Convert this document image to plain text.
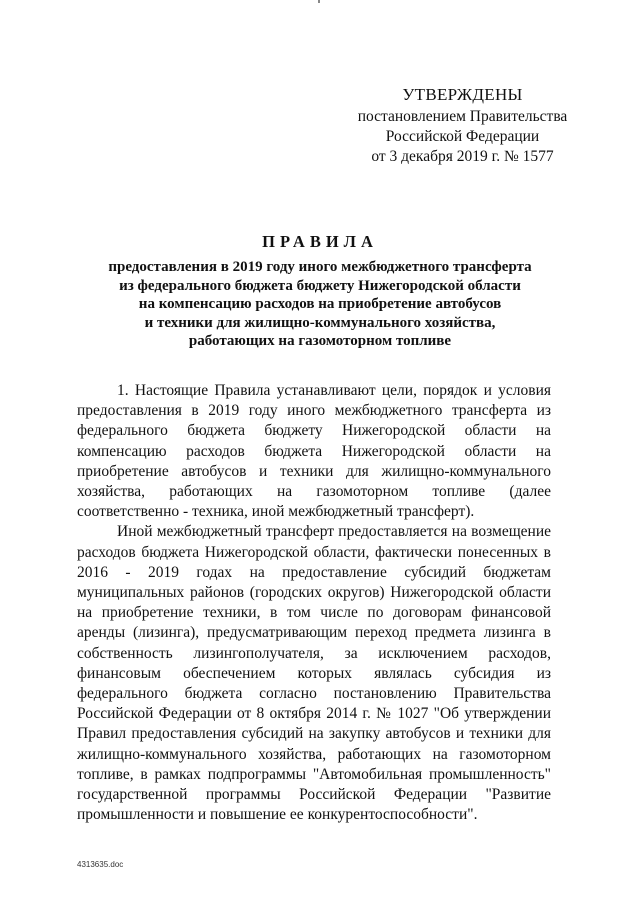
УТВЕРЖДЕНЫ
постановлением Правительства
Российской Федерации
от 3 декабря 2019 г. № 1577
ПРАВИЛА
предоставления в 2019 году иного межбюджетного трансферта
из федерального бюджета бюджету Нижегородской области
на компенсацию расходов на приобретение автобусов
и техники для жилищно-коммунального хозяйства,
работающих на газомоторном топливе

1. Настоящие Правила устанавливают цели, порядок и условия предоставления в 2019 году иного межбюджетного трансферта из федерального бюджета бюджету Нижегородской области на компенсацию расходов бюджета Нижегородской области на приобретение автобусов и техники для жилищно-коммунального хозяйства, работающих на газомоторном топливе (далее соответственно - техника, иной межбюджетный трансферт).

Иной межбюджетный трансферт предоставляется на возмещение расходов бюджета Нижегородской области, фактически понесенных в 2016 - 2019 годах на предоставление субсидий бюджетам муниципальных районов (городских округов) Нижегородской области на приобретение техники, в том числе по договорам финансовой аренды (лизинга), предусматривающим переход предмета лизинга в собственность лизингополучателя, за исключением расходов, финансовым обеспечением которых являлась субсидия из федерального бюджета согласно постановлению Правительства Российской Федерации от 8 октября 2014 г. № 1027 "Об утверждении Правил предоставления субсидий на закупку автобусов и техники для жилищно-коммунального хозяйства, работающих на газомоторном топливе, в рамках подпрограммы "Автомобильная промышленность" государственной программы Российской Федерации "Развитие промышленности и повышение ее конкурентоспособности".

4313635.doc
